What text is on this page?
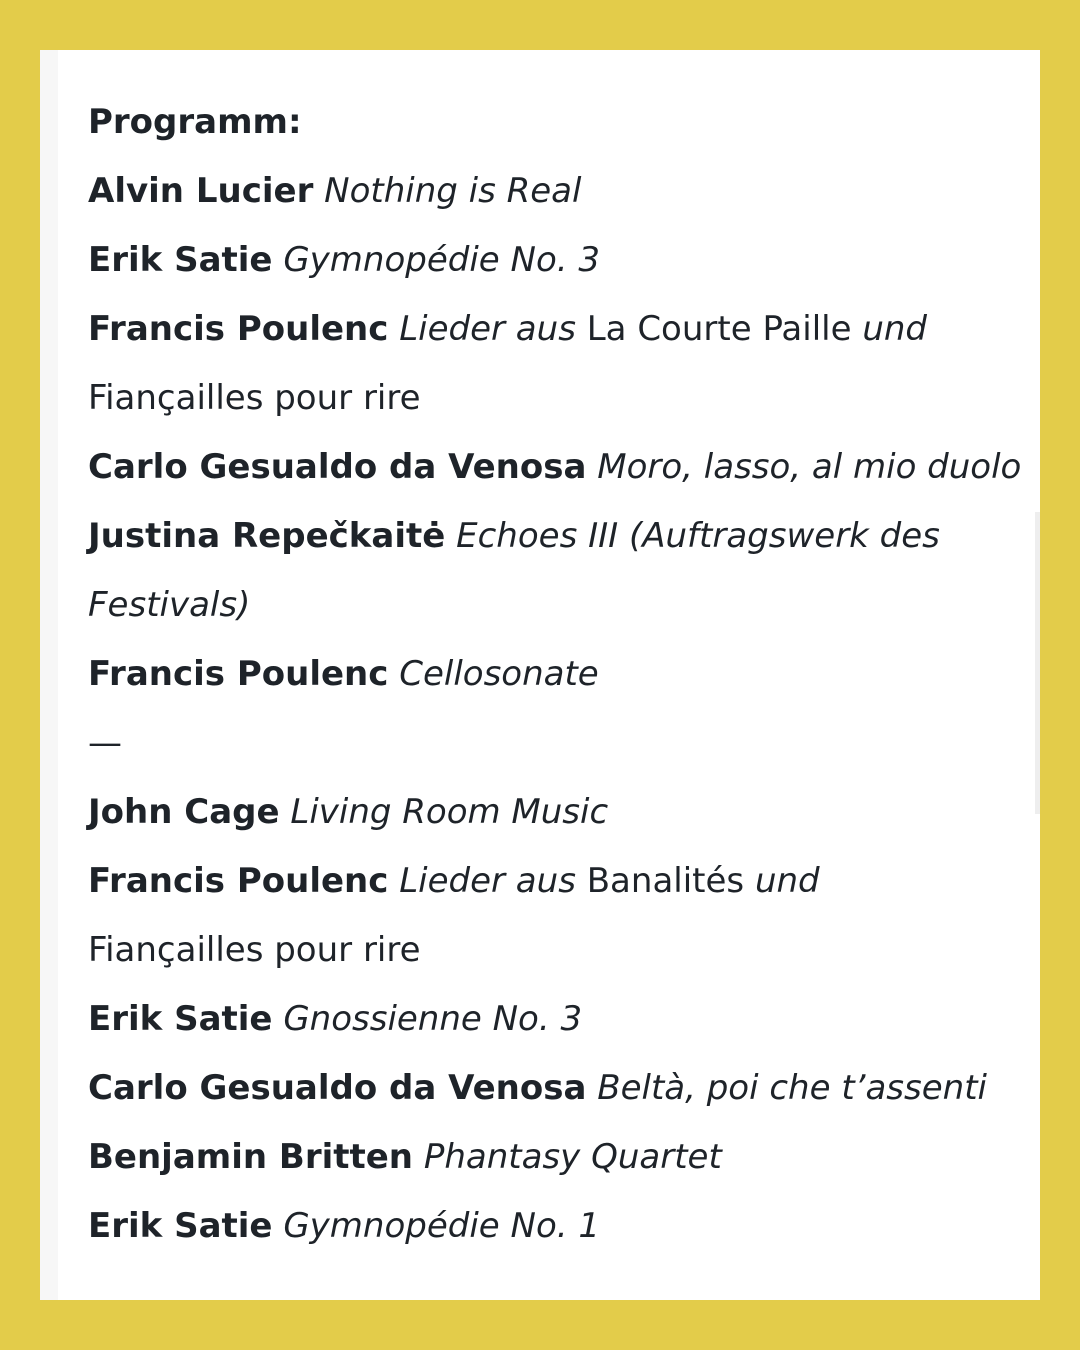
Programm:

Alvin Lucier Nothing is Real

Erik Satie Gymnopédie No. 3

Francis Poulenc Lieder aus La Courte Paille und

Fiançailles pour rire

Carlo Gesualdo da Venosa Moro, lasso, al mio duolo

Justina Repečkaitė Echoes III (Auftragswerk des Festivals)

Francis Poulenc Cellosonate

—

John Cage Living Room Music

Francis Poulenc Lieder aus Banalités und

Fiançailles pour rire

Erik Satie Gnossienne No. 3

Carlo Gesualdo da Venosa Beltà, poi che t’assenti

Benjamin Britten Phantasy Quartet

Erik Satie Gymnopédie No. 1
